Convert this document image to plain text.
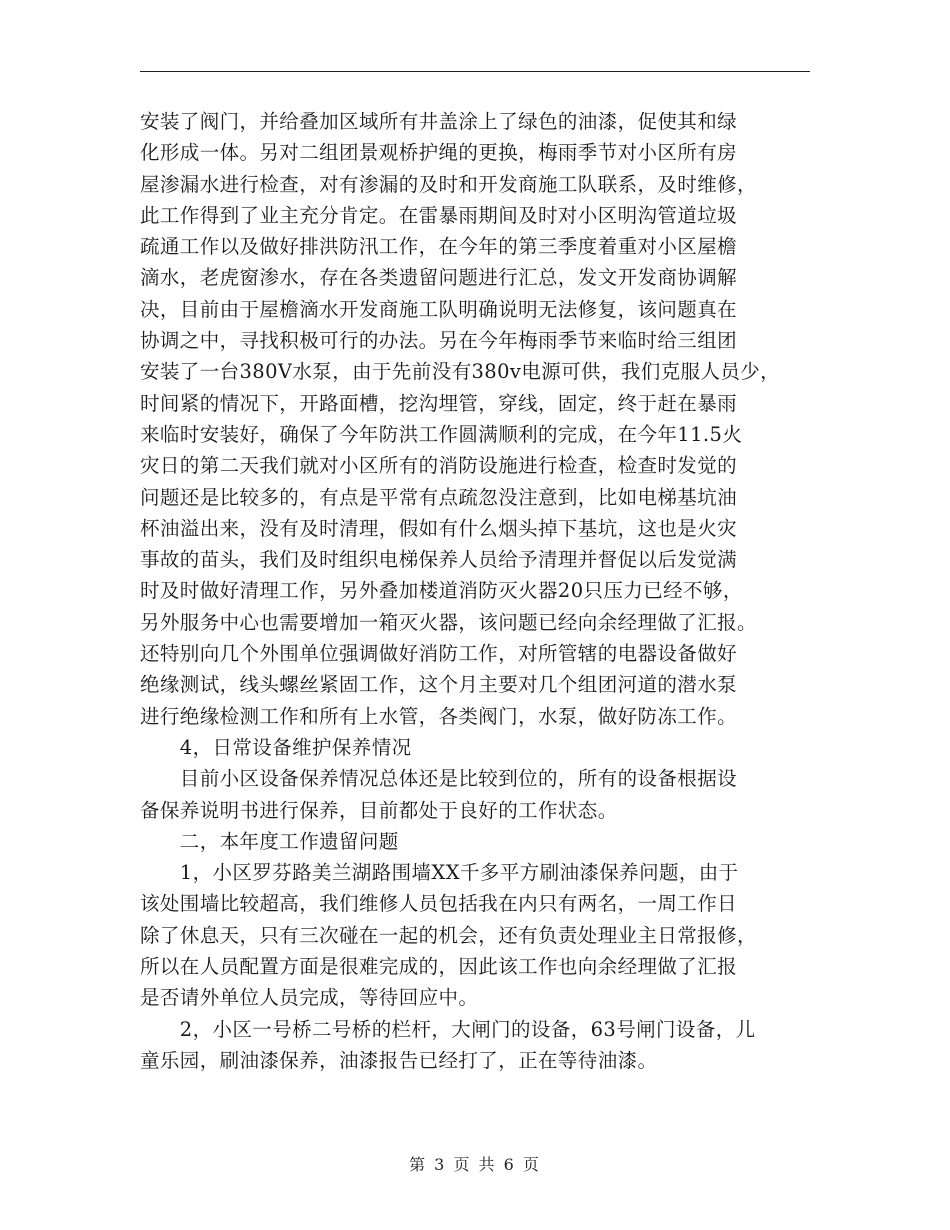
安装了阀门，并给叠加区域所有井盖涂上了绿色的油漆，促使其和绿
化形成一体。另对二组团景观桥护绳的更换，梅雨季节对小区所有房
屋渗漏水进行检查，对有渗漏的及时和开发商施工队联系，及时维修，
此工作得到了业主充分肯定。在雷暴雨期间及时对小区明沟管道垃圾
疏通工作以及做好排洪防汛工作，在今年的第三季度着重对小区屋檐
滴水，老虎窗渗水，存在各类遗留问题进行汇总，发文开发商协调解
决，目前由于屋檐滴水开发商施工队明确说明无法修复，该问题真在
协调之中，寻找积极可行的办法。另在今年梅雨季节来临时给三组团
安装了一台380V水泵，由于先前没有380v电源可供，我们克服人员少，
时间紧的情况下，开路面槽，挖沟埋管，穿线，固定，终于赶在暴雨
来临时安装好，确保了今年防洪工作圆满顺利的完成，在今年11.5火
灾日的第二天我们就对小区所有的消防设施进行检查，检查时发觉的
问题还是比较多的，有点是平常有点疏忽没注意到，比如电梯基坑油
杯油溢出来，没有及时清理，假如有什么烟头掉下基坑，这也是火灾
事故的苗头，我们及时组织电梯保养人员给予清理并督促以后发觉满
时及时做好清理工作，另外叠加楼道消防灭火器20只压力已经不够，
另外服务中心也需要增加一箱灭火器，该问题已经向余经理做了汇报。
还特别向几个外围单位强调做好消防工作，对所管辖的电器设备做好
绝缘测试，线头螺丝紧固工作，这个月主要对几个组团河道的潜水泵
进行绝缘检测工作和所有上水管，各类阀门，水泵，做好防冻工作。
　　4，日常设备维护保养情况
　　目前小区设备保养情况总体还是比较到位的，所有的设备根据设
备保养说明书进行保养，目前都处于良好的工作状态。
　　二，本年度工作遗留问题
　　1，小区罗芬路美兰湖路围墙XX千多平方刷油漆保养问题，由于
该处围墙比较超高，我们维修人员包括我在内只有两名，一周工作日
除了休息天，只有三次碰在一起的机会，还有负责处理业主日常报修，
所以在人员配置方面是很难完成的，因此该工作也向余经理做了汇报
是否请外单位人员完成，等待回应中。
　　2，小区一号桥二号桥的栏杆，大闸门的设备，63号闸门设备，儿
童乐园，刷油漆保养，油漆报告已经打了，正在等待油漆。
第 3 页 共 6 页
